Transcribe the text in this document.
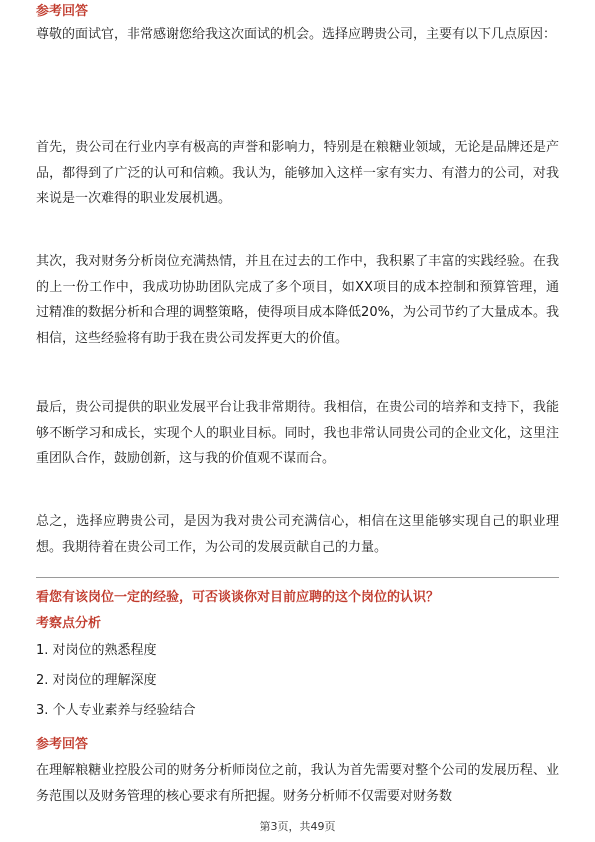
参考回答
尊敬的面试官，非常感谢您给我这次面试的机会。选择应聘贵公司，主要有以下几点原因：
首先，贵公司在行业内享有极高的声誉和影响力，特别是在粮糖业领域，无论是品牌还是产品，都得到了广泛的认可和信赖。我认为，能够加入这样一家有实力、有潜力的公司，对我来说是一次难得的职业发展机遇。
其次，我对财务分析岗位充满热情，并且在过去的工作中，我积累了丰富的实践经验。在我的上一份工作中，我成功协助团队完成了多个项目，如XX项目的成本控制和预算管理，通过精准的数据分析和合理的调整策略，使得项目成本降低20%，为公司节约了大量成本。我相信，这些经验将有助于我在贵公司发挥更大的价值。
最后，贵公司提供的职业发展平台让我非常期待。我相信，在贵公司的培养和支持下，我能够不断学习和成长，实现个人的职业目标。同时，我也非常认同贵公司的企业文化，这里注重团队合作，鼓励创新，这与我的价值观不谋而合。
总之，选择应聘贵公司，是因为我对贵公司充满信心，相信在这里能够实现自己的职业理想。我期待着在贵公司工作，为公司的发展贡献自己的力量。
看您有该岗位一定的经验，可否谈谈你对目前应聘的这个岗位的认识？
考察点分析
1. 对岗位的熟悉程度
2. 对岗位的理解深度
3. 个人专业素养与经验结合
参考回答
在理解粮糖业控股公司的财务分析师岗位之前，我认为首先需要对整个公司的发展历程、业务范围以及财务管理的核心要求有所把握。财务分析师不仅需要对财务数
第3页，共49页
